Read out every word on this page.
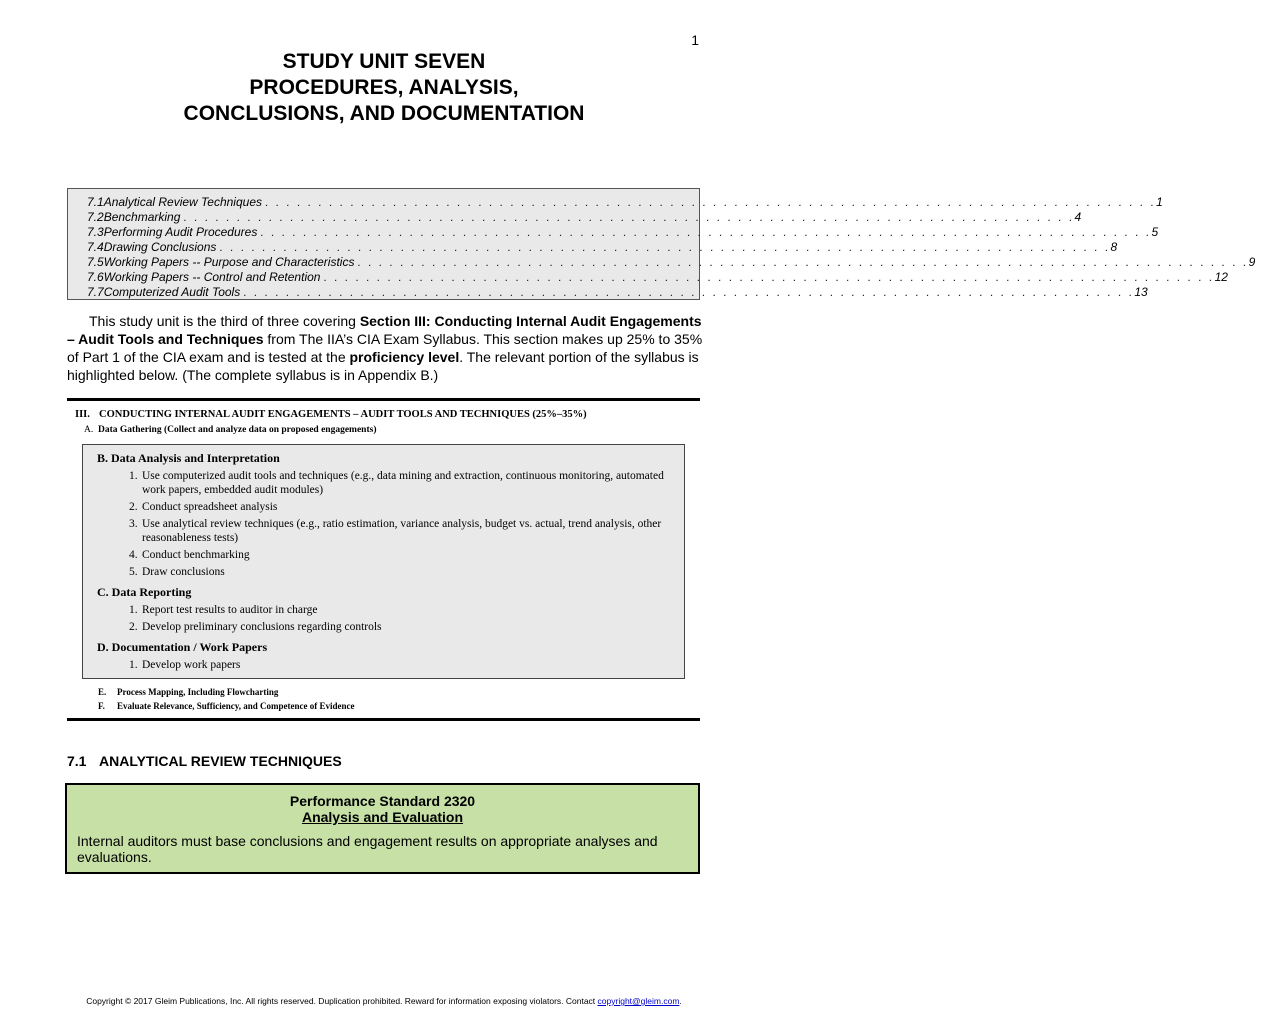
1
STUDY UNIT SEVEN
PROCEDURES, ANALYSIS,
CONCLUSIONS, AND DOCUMENTATION
7.1 Analytical Review Techniques . . . . . . . . . . . . . . . . . . . . . . . . . . . . . . . . . . . . . . . . . . . . . . . . . . . . . . . . . . . . . . . . . . . . . . . . . . . . . . . . . . . . 1
7.2 Benchmarking . . . . . . . . . . . . . . . . . . . . . . . . . . . . . . . . . . . . . . . . . . . . . . . . . . . . . . . . . . . . . . . . . . . . . . . . . . . . . . . . . . . . 4
7.3 Performing Audit Procedures . . . . . . . . . . . . . . . . . . . . . . . . . . . . . . . . . . . . . . . . . . . . . . . . . . . . . . . . . . . . . . . . . . . . . . . . . . . . . . . . . . . . 5
7.4 Drawing Conclusions . . . . . . . . . . . . . . . . . . . . . . . . . . . . . . . . . . . . . . . . . . . . . . . . . . . . . . . . . . . . . . . . . . . . . . . . . . . . . . . . . . . . 8
7.5 Working Papers -- Purpose and Characteristics . . . . . . . . . . . . . . . . . . . . . . . . . . . . . . . . . . . . . . . . . . . . . . . . . . . . . . . . . . . . . . . . . . . . . . . . . . . . . . . . . . . . 9
7.6 Working Papers -- Control and Retention . . . . . . . . . . . . . . . . . . . . . . . . . . . . . . . . . . . . . . . . . . . . . . . . . . . . . . . . . . . . . . . . . . . . . . . . . . . . . . . . . . . . 12
7.7 Computerized Audit Tools . . . . . . . . . . . . . . . . . . . . . . . . . . . . . . . . . . . . . . . . . . . . . . . . . . . . . . . . . . . . . . . . . . . . . . . . . . . . . . . . . . . . 13
This study unit is the third of three covering Section III: Conducting Internal Audit Engagements – Audit Tools and Techniques from The IIA’s CIA Exam Syllabus. This section makes up 25% to 35% of Part 1 of the CIA exam and is tested at the proficiency level. The relevant portion of the syllabus is highlighted below. (The complete syllabus is in Appendix B.)
III. CONDUCTING INTERNAL AUDIT ENGAGEMENTS – AUDIT TOOLS AND TECHNIQUES (25%–35%)
A. Data Gathering (Collect and analyze data on proposed engagements)
B. Data Analysis and Interpretation
1. Use computerized audit tools and techniques (e.g., data mining and extraction, continuous monitoring, automated work papers, embedded audit modules)
2. Conduct spreadsheet analysis
3. Use analytical review techniques (e.g., ratio estimation, variance analysis, budget vs. actual, trend analysis, other reasonableness tests)
4. Conduct benchmarking
5. Draw conclusions
C. Data Reporting
1. Report test results to auditor in charge
2. Develop preliminary conclusions regarding controls
D. Documentation / Work Papers
1. Develop work papers
E. Process Mapping, Including Flowcharting
F. Evaluate Relevance, Sufficiency, and Competence of Evidence
7.1 ANALYTICAL REVIEW TECHNIQUES
Performance Standard 2320
Analysis and Evaluation
Internal auditors must base conclusions and engagement results on appropriate analyses and evaluations.
Copyright © 2017 Gleim Publications, Inc. All rights reserved. Duplication prohibited. Reward for information exposing violators. Contact copyright@gleim.com.
